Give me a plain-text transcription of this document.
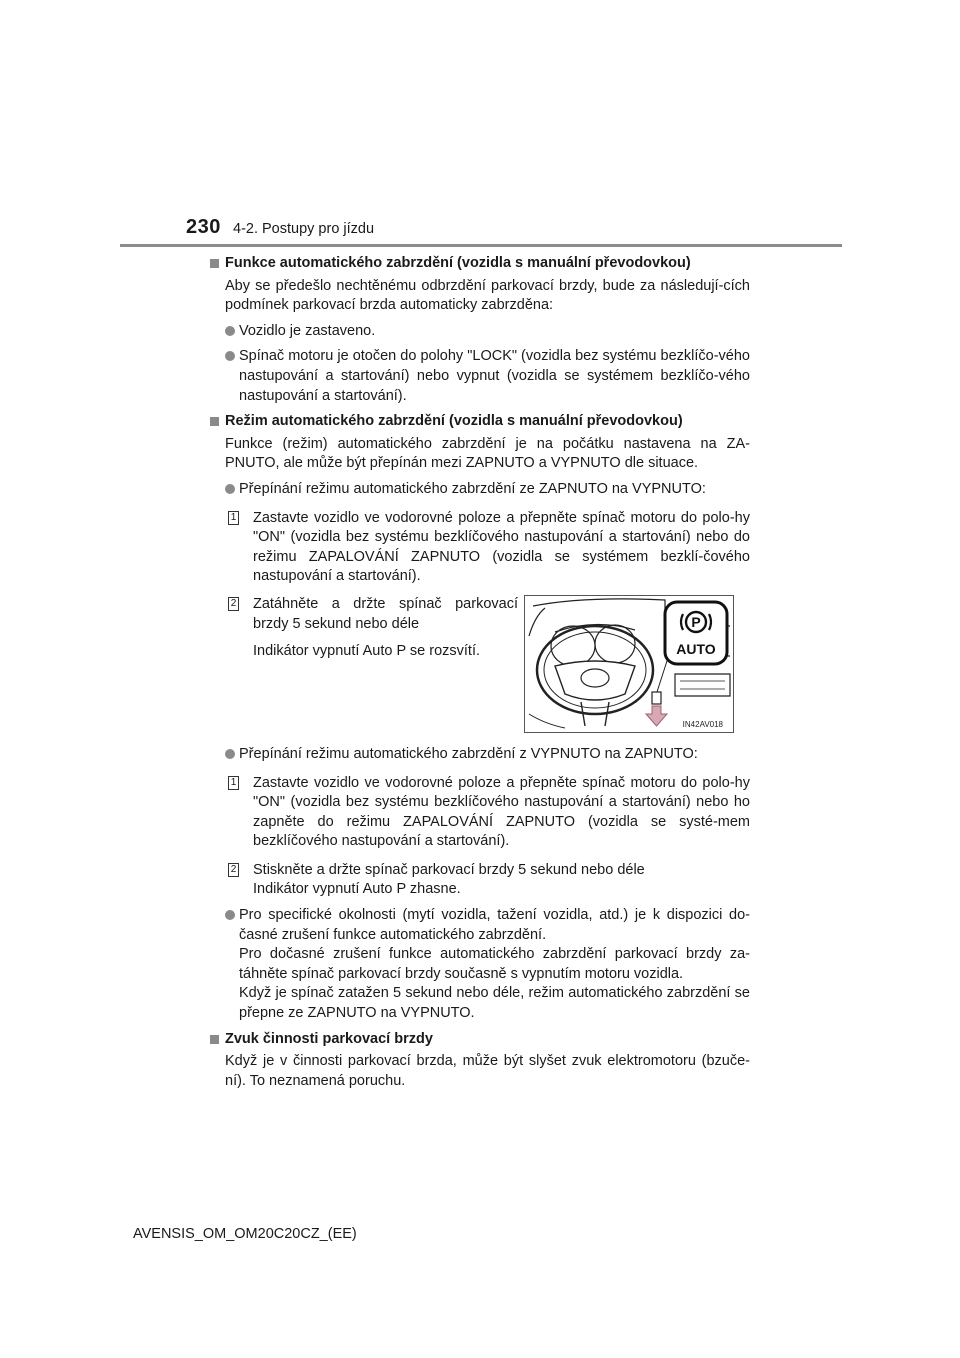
230 4-2. Postupy pro jízdu
Funkce automatického zabrzdění (vozidla s manuální převodovkou)
Aby se předešlo nechtěnému odbrzdění parkovací brzdy, bude za následují-cích podmínek parkovací brzda automaticky zabrzděna:
Vozidlo je zastaveno.
Spínač motoru je otočen do polohy "LOCK" (vozidla bez systému bezklíčo-vého nastupování a startování) nebo vypnut (vozidla se systémem bezklíčo-vého nastupování a startování).
Režim automatického zabrzdění (vozidla s manuální převodovkou)
Funkce (režim) automatického zabrzdění je na počátku nastavena na ZA-PNUTO, ale může být přepínán mezi ZAPNUTO a VYPNUTO dle situace.
Přepínání režimu automatického zabrzdění ze ZAPNUTO na VYPNUTO:
1 Zastavte vozidlo ve vodorovné poloze a přepněte spínač motoru do polo-hy "ON" (vozidla bez systému bezklíčového nastupování a startování) nebo do režimu ZAPALOVÁNÍ ZAPNUTO (vozidla se systémem bezklí-čového nastupování a startování).
2 Zatáhněte a držte spínač parkovací brzdy 5 sekund nebo déle
Indikátor vypnutí Auto P se rozsvítí.
P
AUTO
IN42AV018
Přepínání režimu automatického zabrzdění z VYPNUTO na ZAPNUTO:
1 Zastavte vozidlo ve vodorovné poloze a přepněte spínač motoru do polo-hy "ON" (vozidla bez systému bezklíčového nastupování a startování) nebo ho zapněte do režimu ZAPALOVÁNÍ ZAPNUTO (vozidla se systé-mem bezklíčového nastupování a startování).
2 Stiskněte a držte spínač parkovací brzdy 5 sekund nebo déle
Indikátor vypnutí Auto P zhasne.
Pro specifické okolnosti (mytí vozidla, tažení vozidla, atd.) je k dispozici do-časné zrušení funkce automatického zabrzdění.
Pro dočasné zrušení funkce automatického zabrzdění parkovací brzdy za-táhněte spínač parkovací brzdy současně s vypnutím motoru vozidla.
Když je spínač zatažen 5 sekund nebo déle, režim automatického zabrzdění se přepne ze ZAPNUTO na VYPNUTO.
Zvuk činnosti parkovací brzdy
Když je v činnosti parkovací brzda, může být slyšet zvuk elektromotoru (bzuče-ní). To neznamená poruchu.
AVENSIS_OM_OM20C20CZ_(EE)
